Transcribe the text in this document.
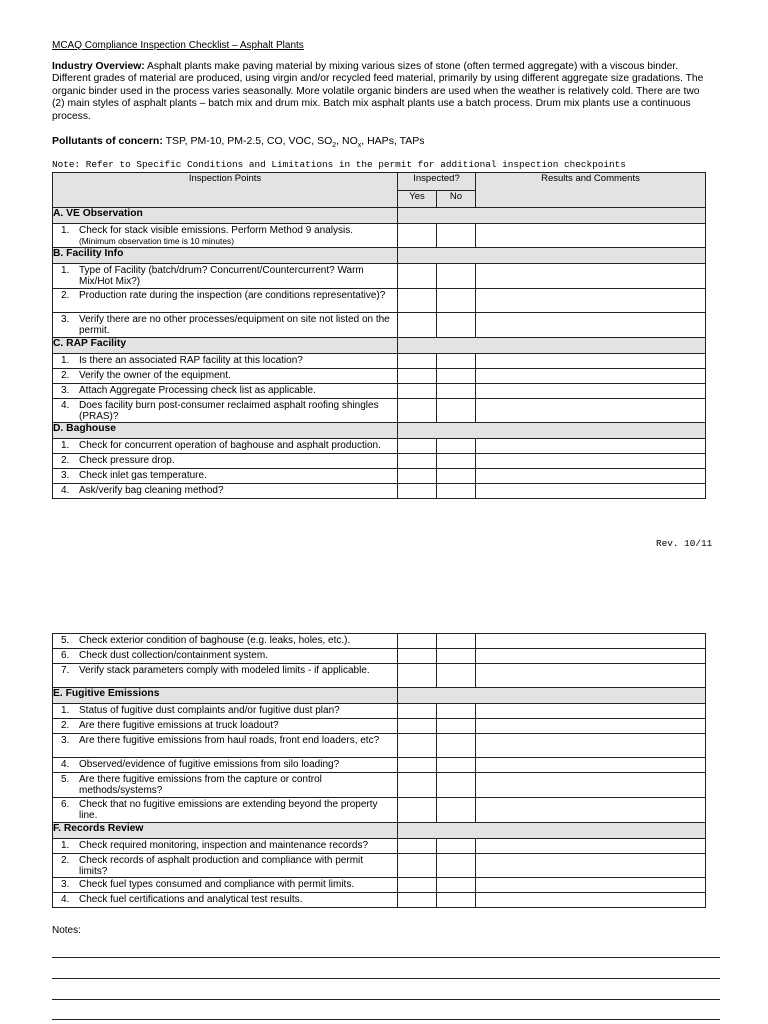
MCAQ Compliance Inspection Checklist – Asphalt Plants
Industry Overview: Asphalt plants make paving material by mixing various sizes of stone (often termed aggregate) with a viscous binder. Different grades of material are produced, using virgin and/or recycled feed material, primarily by using different aggregate size gradations. The organic binder used in the process varies seasonally. More volatile organic binders are used when the weather is relatively cold. There are two (2) main styles of asphalt plants – batch mix and drum mix. Batch mix asphalt plants use a batch process. Drum mix plants use a continuous process.
Pollutants of concern: TSP, PM-10, PM-2.5, CO, VOC, $SO_2$, $NO_x$, HAPs, TAPs
Note: Refer to Specific Conditions and Limitations in the permit for additional inspection checkpoints
Inspection Points	Inspected?		Results and Comments
	Yes	No	
A. VE Observation			

1. Check for stack visible emissions. Perform Method 9 analysis.
(Minimum observation time is 10 minutes)			

B. Facility Info			

1. Type of Facility (batch/drum? Concurrent/Countercurrent? Warm Mix/Hot Mix?)			

2. Production rate during the inspection (are conditions representative)?			

3. Verify there are no other processes/equipment on site not listed on the permit.			
C. RAP Facility			

1. Is there an associated RAP facility at this location?			

2. Verify the owner of the equipment.			

3. Attach Aggregate Processing check list as applicable.			

4. Does facility burn post-consumer reclaimed asphalt roofing shingles (PRAS)?			
D. Baghouse			

1. Check for concurrent operation of baghouse and asphalt production.			

2. Check pressure drop.			

3. Check inlet gas temperature.			

4. Ask/verify bag cleaning method?			
Rev. 10/11
5. Check exterior condition of baghouse (e.g. leaks, holes, etc.).			

6. Check dust collection/containment system.			

7. Verify stack parameters comply with modeled limits - if applicable.			
E. Fugitive Emissions			

1. Status of fugitive dust complaints and/or fugitive dust plan?			

2. Are there fugitive emissions at truck loadout?			

3. Are there fugitive emissions from haul roads, front end loaders, etc?			

4. Observed/evidence of fugitive emissions from silo loading?			

5. Are there fugitive emissions from the capture or control methods/systems?			

6. Check that no fugitive emissions are extending beyond the property line.			
F. Records Review			

1. Check required monitoring, inspection and maintenance records?			

2. Check records of asphalt production and compliance with permit limits?			

3. Check fuel types consumed and compliance with permit limits.			

4. Check fuel certifications and analytical test results.			
Notes:
